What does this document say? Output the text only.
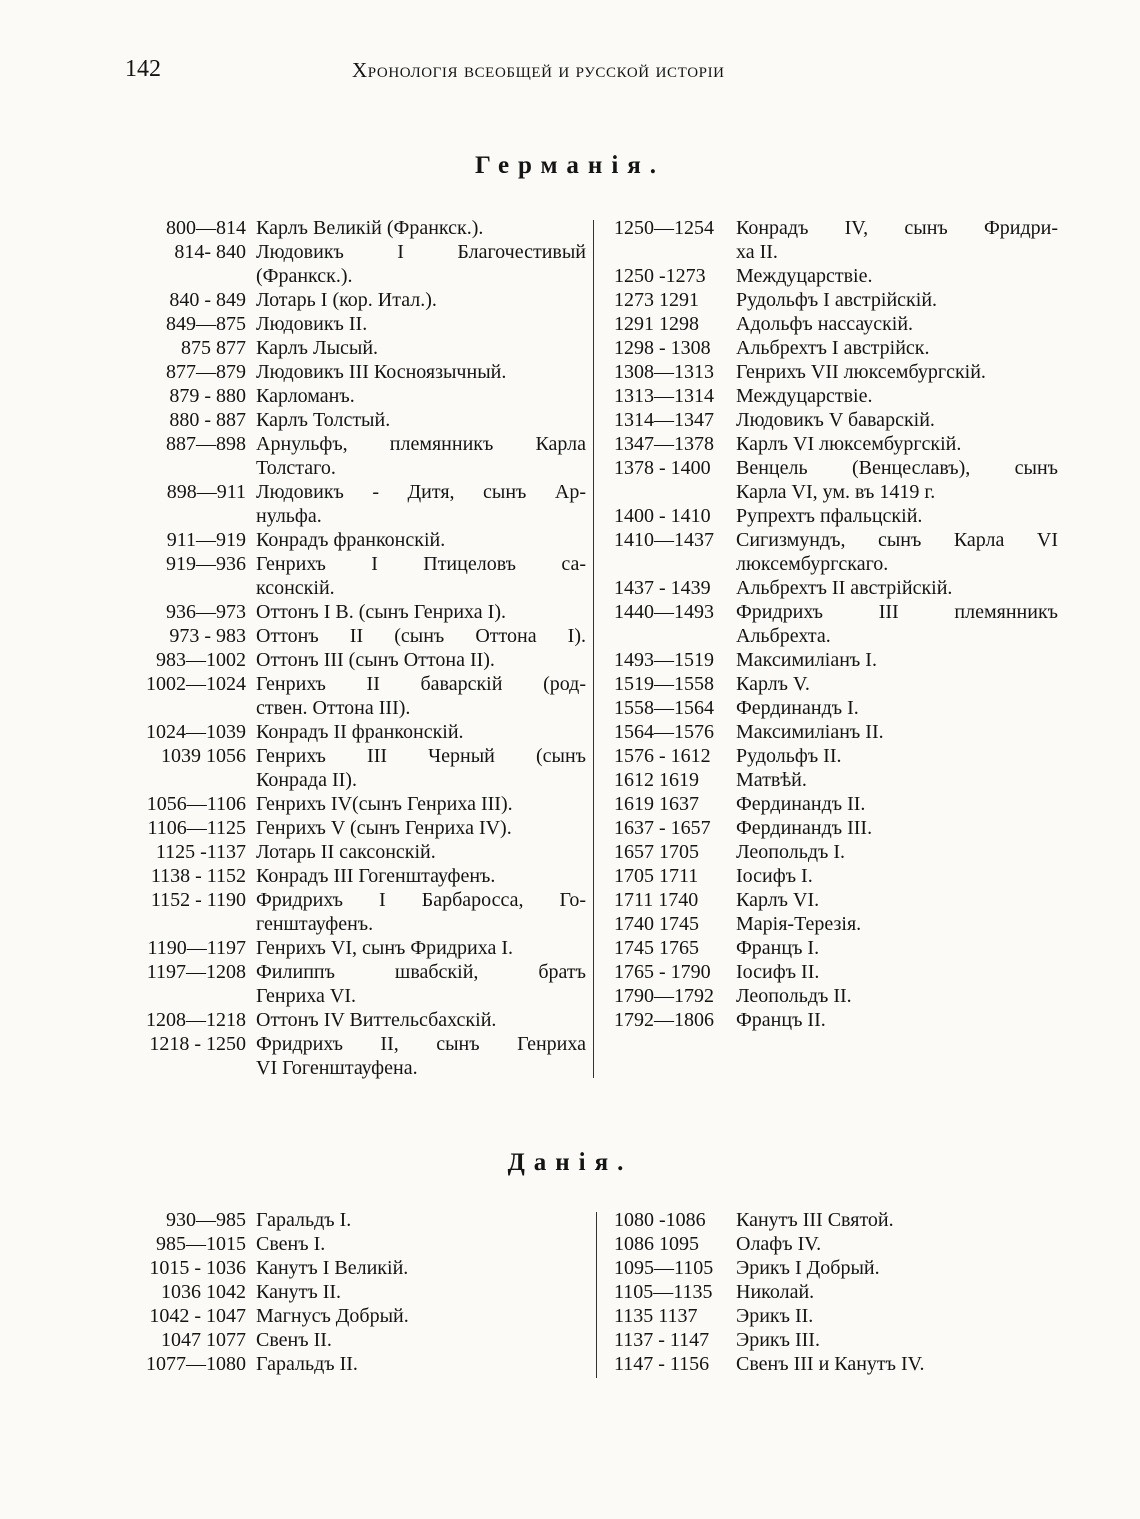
142	Хронологія всеобщей и русской исторіи
Германія.
800—814 Карлъ Великій (Франкск.).
814- 840 Людовикъ I Благочестивый
(Франкск.).
840 - 849 Лотарь I (кор. Итал.).
849—875 Людовикъ II.
875 877 Карлъ Лысый.
877—879 Людовикъ III Косноязычный.
879 - 880 Карломанъ.
880 - 887 Карлъ Толстый.
887—898 Арнульфъ, племянникъ Карла
Толстаго.
898—911 Людовикъ - Дитя, сынъ Ар-
нульфа.
911—919 Конрадъ франконскій.
919—936 Генрихъ I Птицеловъ са-
ксонскій.
936—973 Оттонъ I В. (сынъ Генриха I).
973 - 983 Оттонъ II (сынъ Оттона I).
983—1002 Оттонъ III (сынъ Оттона II).
1002—1024 Генрихъ II баварскій (род-
ствен. Оттона III).
1024—1039 Конрадъ II франконскій.
1039 1056 Генрихъ III Черный (сынъ
Конрада II).
1056—1106 Генрихъ IV(сынъ Генриха III).
1106—1125 Генрихъ V (сынъ Генриха IV).
1125 -1137 Лотарь II саксонскій.
1138 - 1152 Конрадъ III Гогенштауфенъ.
1152 - 1190 Фридрихъ I Барбаросса, Го-
генштауфенъ.
1190—1197 Генрихъ VI, сынъ Фридриха I.
1197—1208 Филиппъ швабскій, братъ
Генриха VI.
1208—1218 Оттонъ IV Виттельсбахскій.
1218 - 1250 Фридрихъ II, сынъ Генриха
VI Гогенштауфена.
1250—1254	Конрадъ IV, сынъ Фридри-
ха II.
1250 -1273	Междуцарствіе.
1273 1291	Рудольфъ I австрійскій.
1291 1298	Адольфъ нассаускій.
1298 - 1308	Альбрехтъ I австрійск.
1308—1313	Генрихъ VII люксембургскій.
1313—1314	Междуцарствіе.
1314—1347	Людовикъ V баварскій.
1347—1378	Карлъ VI люксембургскій.
1378 - 1400	Венцель (Венцеславъ), сынъ
Карла VI, ум. въ 1419 г.
1400 - 1410	Рупрехтъ пфальцскій.
1410—1437	Сигизмундъ, сынъ Карла VI
люксембургскаго.
1437 - 1439	Альбрехтъ II австрійскій.
1440—1493	Фридрихъ III племянникъ
Альбрехта.
1493—1519	Максимиліанъ I.
1519—1558	Карлъ V.
1558—1564	Фердинандъ I.
1564—1576	Максимиліанъ II.
1576 - 1612	Рудольфъ II.
1612 1619	Матвѣй.
1619 1637	Фердинандъ II.
1637 - 1657	Фердинандъ III.
1657 1705	Леопольдъ I.
1705 1711	Іосифъ I.
1711 1740	Карлъ VI.
1740 1745	Марія-Терезія.
1745 1765	Францъ I.
1765 - 1790	Іосифъ II.
1790—1792	Леопольдъ II.
1792—1806	Францъ II.
Данія.
930—985 Гаральдъ I.
985—1015 Свенъ I.
1015 - 1036 Канутъ I Великій.
1036 1042 Канутъ II.
1042 - 1047 Магнусъ Добрый.
1047 1077 Свенъ II.
1077—1080 Гаральдъ II.
1080 -1086	Канутъ III Святой.
1086 1095	Олафъ IV.
1095—1105	Эрикъ I Добрый.
1105—1135	Николай.
1135 1137	Эрикъ II.
1137 - 1147	Эрикъ III.
1147 - 1156	Свенъ III и Канутъ IV.
